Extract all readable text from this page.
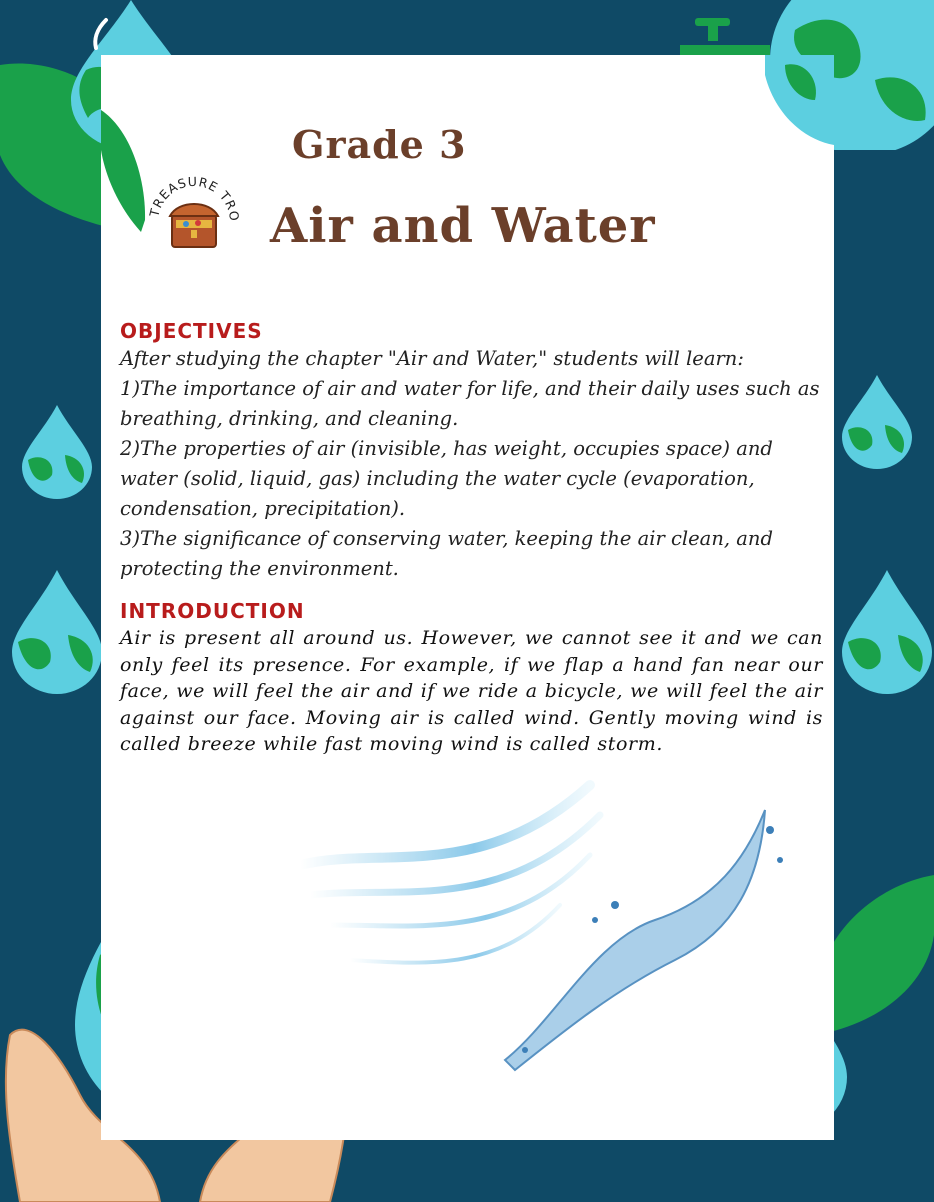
TREASURE TR
Grade 3
Air and Water
OBJECTIVES

After studying the chapter "Air and Water," students will learn:

1)The importance of air and water for life, and their daily uses such as breathing, drinking, and cleaning.

2)The properties of air (invisible, has weight, occupies space) and water (solid, liquid, gas) including the water cycle (evaporation, condensation, precipitation).

3)The significance of conserving water, keeping the air clean, and protecting the environment.

INTRODUCTION
Air is present all around us. However, we cannot see it and we can only feel its presence. For example, if we flap a hand fan near our face, we will feel the air and if we ride a bicycle, we will feel the air against our face. Moving air is called wind. Gently moving wind is called breeze while fast moving wind is called storm.
